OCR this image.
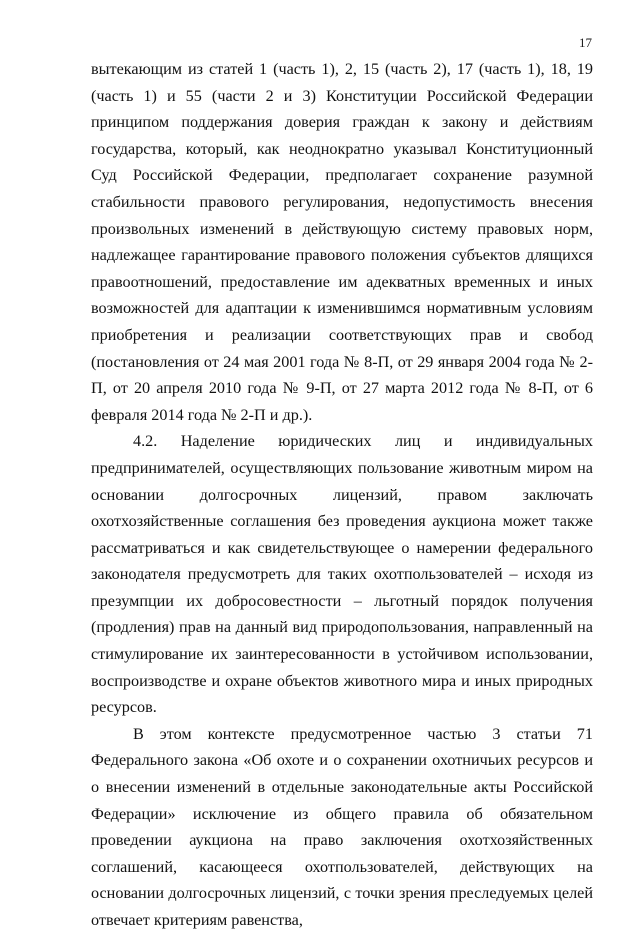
17

вытекающим из статей 1 (часть 1), 2, 15 (часть 2), 17 (часть 1), 18, 19 (часть 1) и 55 (части 2 и 3) Конституции Российской Федерации принципом поддержания доверия граждан к закону и действиям государства, который, как неоднократно указывал Конституционный Суд Российской Федерации, предполагает сохранение разумной стабильности правового регулирования, недопустимость внесения произвольных изменений в действующую систему правовых норм, надлежащее гарантирование правового положения субъектов длящихся правоотношений, предоставление им адекватных временных и иных возможностей для адаптации к изменившимся нормативным условиям приобретения и реализации соответствующих прав и свобод (постановления от 24 мая 2001 года № 8-П, от 29 января 2004 года № 2-П, от 20 апреля 2010 года № 9-П, от 27 марта 2012 года № 8-П, от 6 февраля 2014 года № 2-П и др.).

4.2. Наделение юридических лиц и индивидуальных предпринимателей, осуществляющих пользование животным миром на основании долгосрочных лицензий, правом заключать охотхозяйственные соглашения без проведения аукциона может также рассматриваться и как свидетельствующее о намерении федерального законодателя предусмотреть для таких охотпользователей – исходя из презумпции их добросовестности – льготный порядок получения (продления) прав на данный вид природопользования, направленный на стимулирование их заинтересованности в устойчивом использовании, воспроизводстве и охране объектов животного мира и иных природных ресурсов.

В этом контексте предусмотренное частью 3 статьи 71 Федерального закона «Об охоте и о сохранении охотничьих ресурсов и о внесении изменений в отдельные законодательные акты Российской Федерации» исключение из общего правила об обязательном проведении аукциона на право заключения охотхозяйственных соглашений, касающееся охотпользователей, действующих на основании долгосрочных лицензий, с точки зрения преследуемых целей отвечает критериям равенства,
